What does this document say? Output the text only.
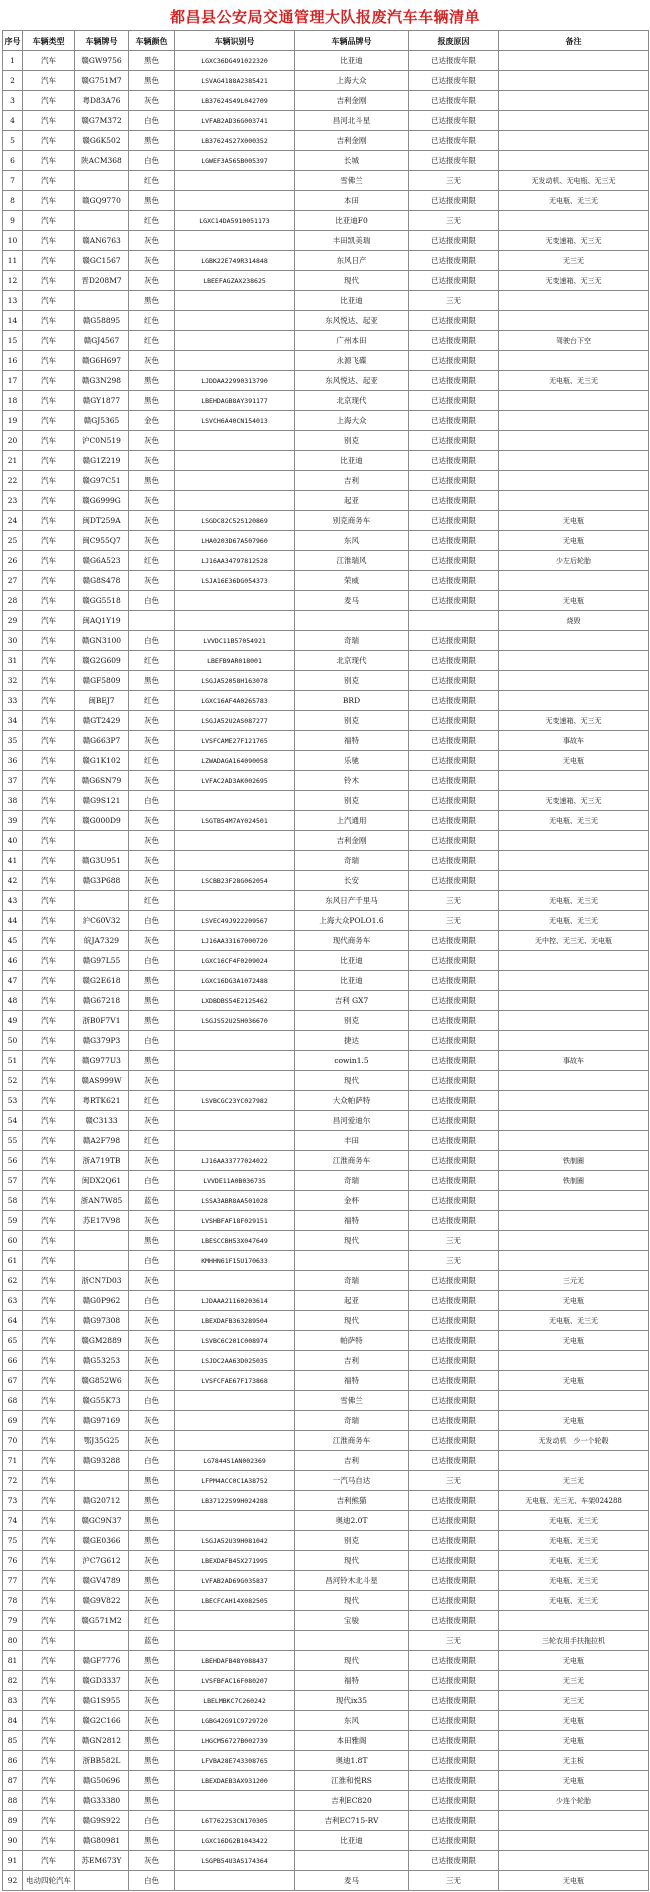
都昌县公安局交通管理大队报废汽车车辆清单
序号	车辆类型	车辆牌号	车辆颜色	车辆识别号	车辆品牌号	报废原因	备注
1	汽车	赣GW9756	黑色	LGXC36DG491022320	比亚迪	已达报废年限	
2	汽车	赣G751M7	黑色	LSVAG4188A2385421	上海大众	已达报废年限	
3	汽车	粤D83A76	灰色	LB37624S49L042709	吉利金刚	已达报废年限	
4	汽车	赣G7M372	白色	LVFAB2AD36G003741	昌河北斗星	已达报废年限	
5	汽车	赣G6K502	黑色	LB37624S27X000352	吉利金刚	已达报废年限	
6	汽车	陕ACM368	白色	LGWEF3A565B005397	长城	已达报废年限	
7	汽车		红色		雪佛兰	三无	无发动机、无电瓶、无三无
8	汽车	赣GQ9770	黑色		本田	已达报废期限	无电瓶、无三无
9	汽车		红色	LGXC14DA5910051173	比亚迪F0	三无	
10	汽车	赣AN6763	灰色		丰田凯美瑞	已达报废期限	无变速箱、无三无
11	汽车	赣GC1567	灰色	LGBK22E749R314848	东风日产	已达报废期限	无三无
12	汽车	晋D208M7	灰色	LBEEFAGZAX238625	现代	已达报废期限	无变速箱、无三无
13	汽车		黑色		比亚迪	三无	
14	汽车	赣G58895	红色		东风悦达、起亚	已达报废期限	
15	汽车	赣GJ4567	红色		广州本田	已达报废期限	驾驶台下空
16	汽车	赣G6H697	灰色		永源飞碟	已达报废期限	
17	汽车	赣G3N298	黑色	LJDDAA22990313790	东风悦达、起亚	已达报废期限	无电瓶、无三无
18	汽车	赣GY1877	黑色	LBEHDAGB8AY391177	北京现代	已达报废期限	
19	汽车	赣GJ5365	金色	LSVCH6A40CN154013	上海大众	已达报废期限	
20	汽车	沪C0N519	灰色		别克	已达报废期限	
21	汽车	赣G1Z219	灰色		比亚迪	已达报废期限	
22	汽车	赣G97C51	黑色		吉利	已达报废期限	
23	汽车	赣G6999G	灰色		起亚	已达报废期限	
24	汽车	闽DT259A	灰色	LSGDC82C52S120869	别克商务车	已达报废期限	无电瓶
25	汽车	闽C955Q7	灰色	LHA0203D67A507960	东风	已达报废期限	无电瓶
26	汽车	赣G6A523	红色	LJ16AA34797812528	江淮瑞风	已达报废期限	少左后轮胎
27	汽车	赣G8S478	灰色	LSJA16E36DG054373	荣威	已达报废期限	
28	汽车	赣GG5518	白色		麦马	已达报废期限	无电瓶
29	汽车	闽AQ1Y19					烧毁
30	汽车	赣GN3100	白色	LVVDC11B57054921	奇瑞	已达报废期限	
31	汽车	赣G2G609	红色	LBEFB9AR018001	北京现代	已达报废期限	
32	汽车	赣GF5809	黑色	LSGJA52058H163078	别克	已达报废期限	
33	汽车	闽BEJ7	红色	LGXC16AF4A0265783	BRD	已达报废期限	
34	汽车	赣GT2429	灰色	LSGJA52U2AS087277	别克	已达报废期限	无变速箱、无三无
35	汽车	赣G663P7	灰色	LVSFCAME27F121765	福特	已达报废期限	事故车
36	汽车	赣G1K102	红色	LZWADAGA164090058	乐驰	已达报废期限	无电瓶
37	汽车	赣G6SN79	灰色	LVFAC2AD3AK002695	铃木	已达报废期限	
38	汽车	赣G9S121	白色		别克	已达报废期限	无变速箱、无三无
39	汽车	赣G000D9	灰色	LSGTB54M7AY024501	上汽通用	已达报废期限	无电瓶、无三无
40	汽车		灰色		吉利金刚	已达报废期限	
41	汽车	赣G3U951	灰色		奇瑞	已达报废期限	
42	汽车	赣G3P688	灰色	LSCBB23F28G062054	长安	已达报废期限	
43	汽车		红色		东风日产千里马	三无	无电瓶、无三无
44	汽车	沪C60V32	白色	LSVEC49J922209567	上海大众POLO1.6	三无	无电瓶、无三无
45	汽车	皖JA7329	灰色	LJ16AA33167000720	现代商务车	已达报废期限	无中控、无三无、无电瓶
46	汽车	赣G97L55	白色	LGXC16CF4F0209024	比亚迪	已达报废期限	
47	汽车	赣G2E618	黑色	LGXC16DG3A1072488	比亚迪	已达报废期限	
48	汽车	赣G67218	黑色	LXDBDBS54E2125462	吉利 GX7	已达报废期限	
49	汽车	浙B0F7V1	黑色	LSGJS52U25H036670	别克	已达报废期限	
50	汽车	赣G379P3	白色		捷达	已达报废期限	
51	汽车	赣G977U3	黑色		cowin1.5	已达报废期限	事故车
52	汽车	赣AS999W	灰色		现代	已达报废期限	
53	汽车	粤RTK621	红色	LSVBCGC23YC027982	大众帕萨特	已达报废期限	
54	汽车	赣C3133	灰色		昌河爱迪尔	已达报废期限	
55	汽车	赣A2F798	红色		丰田	已达报废期限	
56	汽车	浙A719TB	灰色	LJ16AA33777024022	江淮商务车	已达报废期限	铁制圈
57	汽车	闽DX2Q61	白色	LVVDE11A0B036735	奇瑞	已达报废期限	铁制圈
58	汽车	浙AN7W85	蓝色	LSSA3ABR8AA501028	金杯	已达报废期限	
59	汽车	苏E17V98	灰色	LVSHBFAF18F029151	福特	已达报废期限	
60	汽车		黑色	LBESCCBH53X047649	现代	三无	
61	汽车		白色	KMHHN61F15U170633		三无	
62	汽车	浙CN7D03	灰色		奇瑞	已达报废期限	三元无
63	汽车	赣G0P962	白色	LJDAAA21160203614	起亚	已达报废期限	无电瓶
64	汽车	赣G97308	灰色	LBEXDAFB363289504	现代	已达报废期限	无电瓶、无三无
65	汽车	赣GM2889	灰色	LSVBC6C201C008974	帕萨特	已达报废期限	无电瓶
66	汽车	赣G53253	灰色	LSJDC2AA63D025035	吉利	已达报废期限	
67	汽车	赣G852W6	灰色	LVSFCFAE67F173868	福特	已达报废期限	无电瓶
68	汽车	赣G55K73	白色		雪佛兰	已达报废期限	
69	汽车	赣G97169	灰色		奇瑞	已达报废期限	无电瓶
70	汽车	鄂J35G25	灰色		江淮商务车	已达报废期限	无发动机　少一个轮毂
71	汽车	赣G93288	白色	LG7844S1AN002369	吉利	已达报废期限	
72	汽车		黑色	LFPM4ACC0C1A38752	一汽马自达	三无	无三无
73	汽车	赣G20712	黑色	LB37122S99H024288	吉利熊猫	已达报废期限	无电瓶、无三无、车架024288
74	汽车	赣GC9N37	黑色		奥迪2.0T	已达报废期限	无电瓶、无三无
75	汽车	赣GE0366	黑色	LSGJA52U39H081042	别克	已达报废期限	无电瓶、无三无
76	汽车	沪C7G612	灰色	LBEXDAFB45X271995	现代	已达报废期限	无电瓶、无三无
77	汽车	赣GV4789	黑色	LVFAB2AD69G035837	昌河铃木北斗星	已达报废期限	无电瓶、无三无
78	汽车	赣G9V822	灰色	LBECFCAH14X082505	现代	已达报废期限	无电瓶、无三无
79	汽车	赣G571M2	红色		宝骏	已达报废期限	
80	汽车		蓝色			三无	三轮农用手扶拖拉机
81	汽车	赣GF7776	黑色	LBEHDAFB48Y088437	现代	已达报废期限	无电瓶
82	汽车	赣GD3337	灰色	LVSFBFAC16F080207	福特	已达报废期限	无三无
83	汽车	赣G1S955	灰色	LBELMBKC7C260242	现代ix35	已达报废期限	无三无
84	汽车	赣G2C166	灰色	LGBG42G91C9729720	东风	已达报废期限	无电瓶
85	汽车	赣GN2812	黑色	LHGCM56727B002739	本田雅阁	已达报废期限	无电瓶
86	汽车	浙BB582L	黑色	LFVBA28E743308765	奥迪1.8T	已达报废期限	无主板
87	汽车	赣G50696	黑色	LBEXDAEB3AX931200	江淮和悦RS	已达报废期限	无电瓶
88	汽车	赣G33380	黑色		吉利EC820	已达报废期限	少连个轮胎
89	汽车	赣G9S922	白色	L6T7622S3CN170305	吉利EC715-RV	已达报废期限	
90	汽车	赣G80981	黑色	LGXC16DG2B1043422	比亚迪	已达报废期限	
91	汽车	苏EM673Y	灰色	LSGPB54U3AS174364		已达报废期限	
92	电动四轮汽车		白色		麦马	三无	无电瓶
